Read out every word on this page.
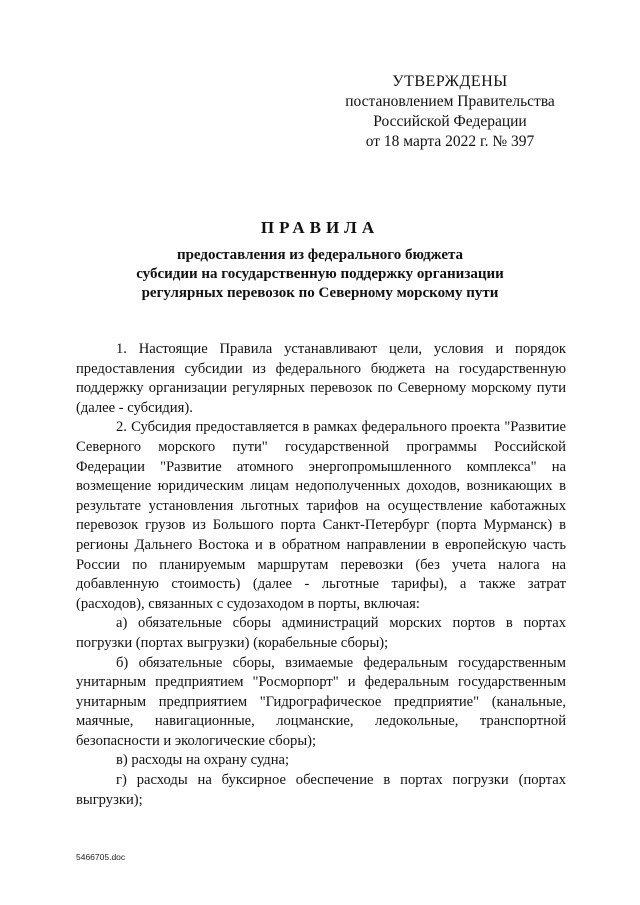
УТВЕРЖДЕНЫ
постановлением Правительства
Российской Федерации
от 18 марта 2022 г. № 397
ПРАВИЛА
предоставления из федерального бюджета
субсидии на государственную поддержку организации
регулярных перевозок по Северному морскому пути

1. Настоящие Правила устанавливают цели, условия и порядок предоставления субсидии из федерального бюджета на государственную поддержку организации регулярных перевозок по Северному морскому пути (далее - субсидия).

2. Субсидия предоставляется в рамках федерального проекта "Развитие Северного морского пути" государственной программы Российской Федерации "Развитие атомного энергопромышленного комплекса" на возмещение юридическим лицам недополученных доходов, возникающих в результате установления льготных тарифов на осуществление каботажных перевозок грузов из Большого порта Санкт-Петербург (порта Мурманск) в регионы Дальнего Востока и в обратном направлении в европейскую часть России по планируемым маршрутам перевозки (без учета налога на добавленную стоимость) (далее - льготные тарифы), а также затрат (расходов), связанных с судозаходом в порты, включая:

а) обязательные сборы администраций морских портов в портах погрузки (портах выгрузки) (корабельные сборы);

б) обязательные сборы, взимаемые федеральным государственным унитарным предприятием "Росморпорт" и федеральным государственным унитарным предприятием "Гидрографическое предприятие" (канальные, маячные, навигационные, лоцманские, ледокольные, транспортной безопасности и экологические сборы);

в) расходы на охрану судна;

г) расходы на буксирное обеспечение в портах погрузки (портах выгрузки);

5466705.doc
